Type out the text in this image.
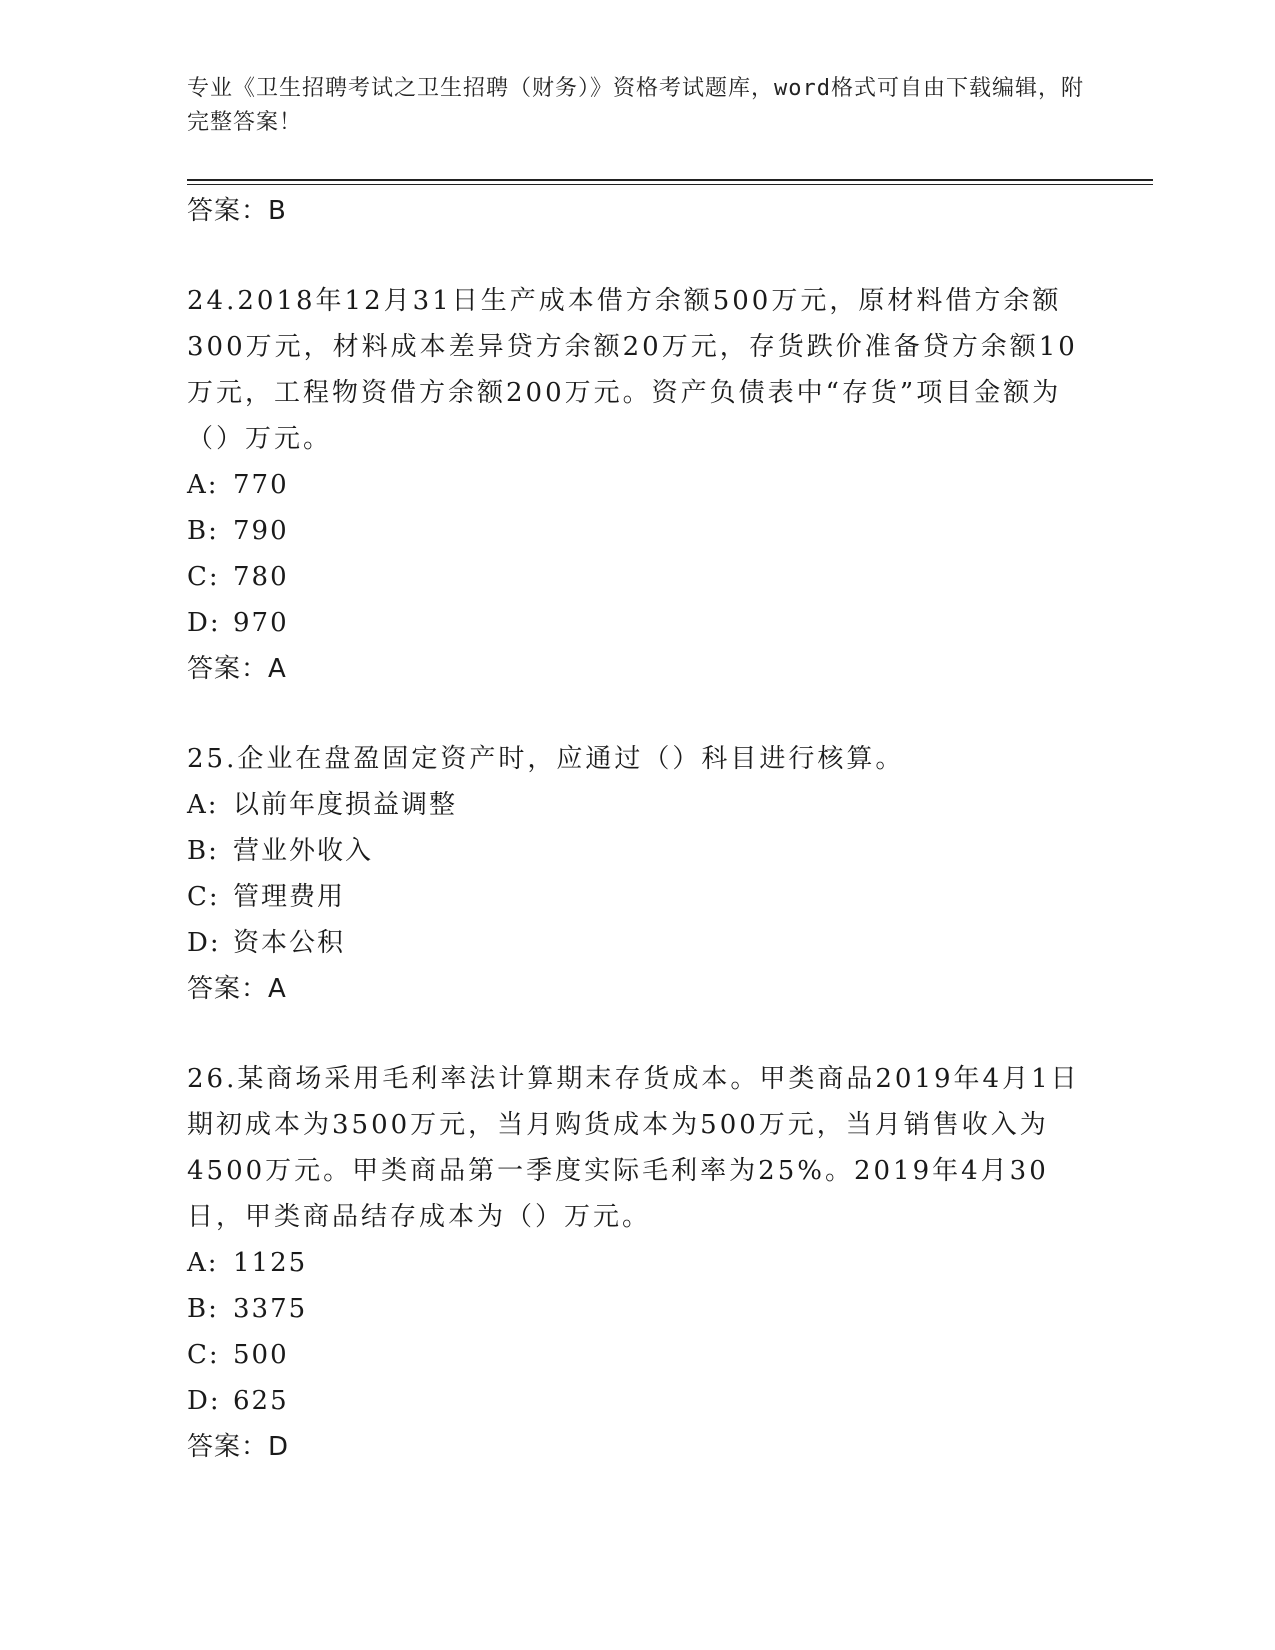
专业《卫生招聘考试之卫生招聘（财务）》资格考试题库，word格式可自由下载编辑，附完整答案！
答案：B
24.2018年12月31日生产成本借方余额500万元，原材料借方余额300万元，材料成本差异贷方余额20万元，存货跌价准备贷方余额10万元，工程物资借方余额200万元。资产负债表中“存货”项目金额为（）万元。
A: 770
B: 790
C: 780
D: 970
答案：A
25.企业在盘盈固定资产时，应通过（）科目进行核算。
A: 以前年度损益调整
B: 营业外收入
C: 管理费用
D: 资本公积
答案：A
26.某商场采用毛利率法计算期末存货成本。甲类商品2019年4月1日期初成本为3500万元，当月购货成本为500万元，当月销售收入为4500万元。甲类商品第一季度实际毛利率为25%。2019年4月30日，甲类商品结存成本为（）万元。
A: 1125
B: 3375
C: 500
D: 625
答案：D
